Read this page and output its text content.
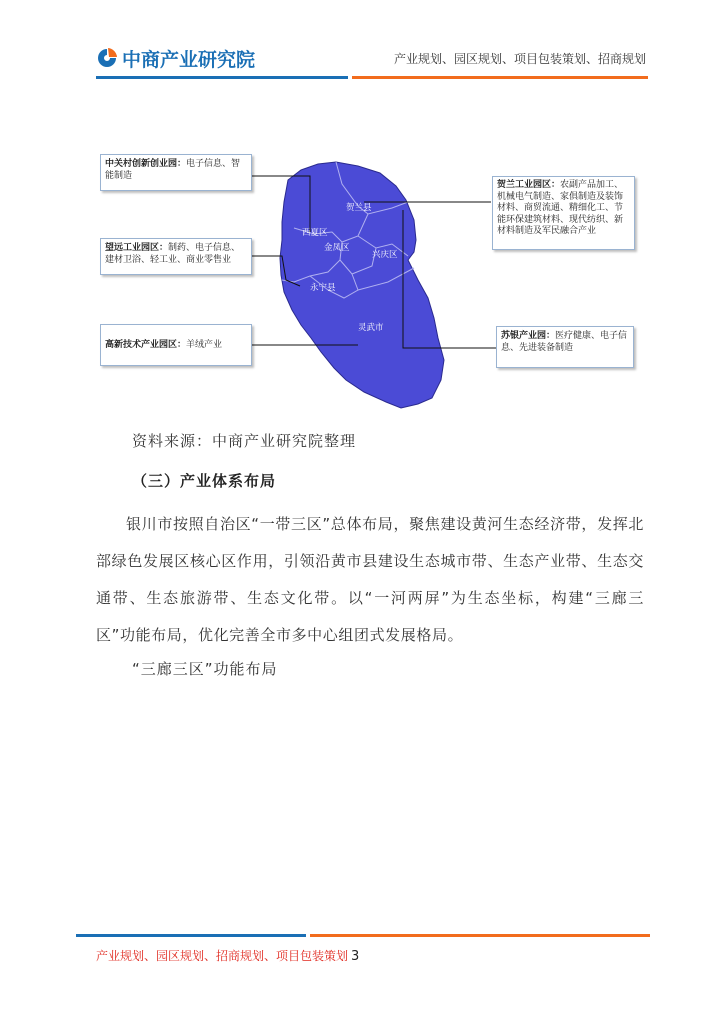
中商产业研究院	产业规划、园区规划、项目包装策划、招商规划
贺兰县
西夏区
金凤区
兴庆区
永宁县
灵武市
中关村创新创业园：电子信息、智能制造
望远工业园区：制药、电子信息、建材卫浴、轻工业、商业零售业
高新技术产业园区：羊绒产业
贺兰工业园区：农副产品加工、机械电气制造、家俱制造及装饰材料、商贸流通、精细化工、节能环保建筑材料、现代纺织、新材料制造及军民融合产业
苏银产业园：医疗健康、电子信息、先进装备制造
资料来源：中商产业研究院整理
（三）产业体系布局

银川市按照自治区“一带三区”总体布局，聚焦建设黄河生态经济带，发挥北部绿色发展区核心区作用，引领沿黄市县建设生态城市带、生态产业带、生态交通带、生态旅游带、生态文化带。以“一河两屏”为生态坐标，构建“三廊三区”功能布局，优化完善全市多中心组团式发展格局。

“三廊三区”功能布局
产业规划、园区规划、招商规划、项目包装策划 3
